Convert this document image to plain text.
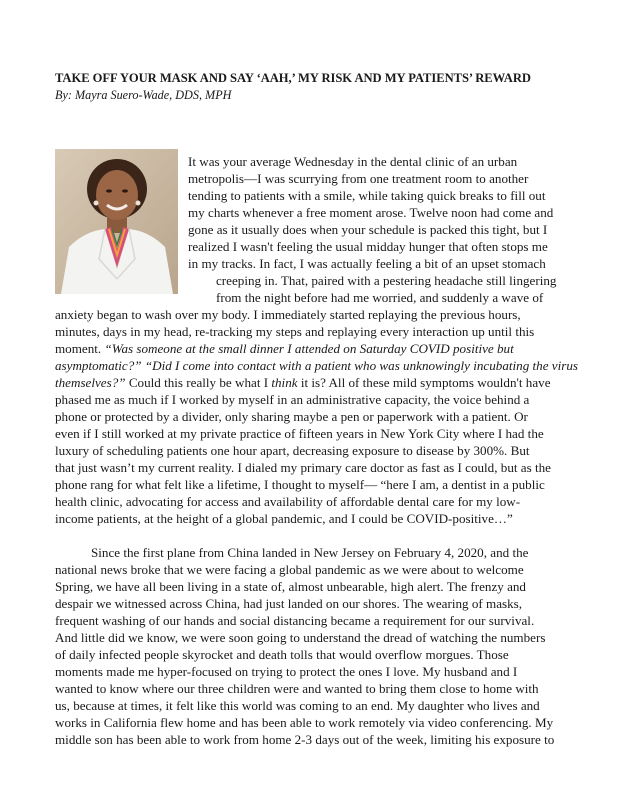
TAKE OFF YOUR MASK AND SAY ‘AAH,’ MY RISK AND MY PATIENTS’ REWARD

By: Mayra Suero-Wade, DDS, MPH

It was your average Wednesday in the dental clinic of an urban
metropolis—I was scurrying from one treatment room to another
tending to patients with a smile, while taking quick breaks to fill out
my charts whenever a free moment arose. Twelve noon had come and
gone as it usually does when your schedule is packed this tight, but I
realized I wasn't feeling the usual midday hunger that often stops me
in my tracks. In fact, I was actually feeling a bit of an upset stomach
creeping in. That, paired with a pestering headache still lingering
from the night before had me worried, and suddenly a wave of
anxiety began to wash over my body. I immediately started replaying the previous hours,
minutes, days in my head, re-tracking my steps and replaying every interaction up until this
moment. “Was someone at the small dinner I attended on Saturday COVID positive but
asymptomatic?” “Did I come into contact with a patient who was unknowingly incubating the virus
themselves?” Could this really be what I think it is? All of these mild symptoms wouldn't have
phased me as much if I worked by myself in an administrative capacity, the voice behind a
phone or protected by a divider, only sharing maybe a pen or paperwork with a patient. Or
even if I still worked at my private practice of fifteen years in New York City where I had the
luxury of scheduling patients one hour apart, decreasing exposure to disease by 300%. But
that just wasn’t my current reality. I dialed my primary care doctor as fast as I could, but as the
phone rang for what felt like a lifetime, I thought to myself— “here I am, a dentist in a public
health clinic, advocating for access and availability of affordable dental care for my low-
income patients, at the height of a global pandemic, and I could be COVID-positive…”
Since the first plane from China landed in New Jersey on February 4, 2020, and the
national news broke that we were facing a global pandemic as we were about to welcome
Spring, we have all been living in a state of, almost unbearable, high alert. The frenzy and
despair we witnessed across China, had just landed on our shores. The wearing of masks,
frequent washing of our hands and social distancing became a requirement for our survival.
And little did we know, we were soon going to understand the dread of watching the numbers
of daily infected people skyrocket and death tolls that would overflow morgues. Those
moments made me hyper-focused on trying to protect the ones I love. My husband and I
wanted to know where our three children were and wanted to bring them close to home with
us, because at times, it felt like this world was coming to an end. My daughter who lives and
works in California flew home and has been able to work remotely via video conferencing. My
middle son has been able to work from home 2-3 days out of the week, limiting his exposure to
